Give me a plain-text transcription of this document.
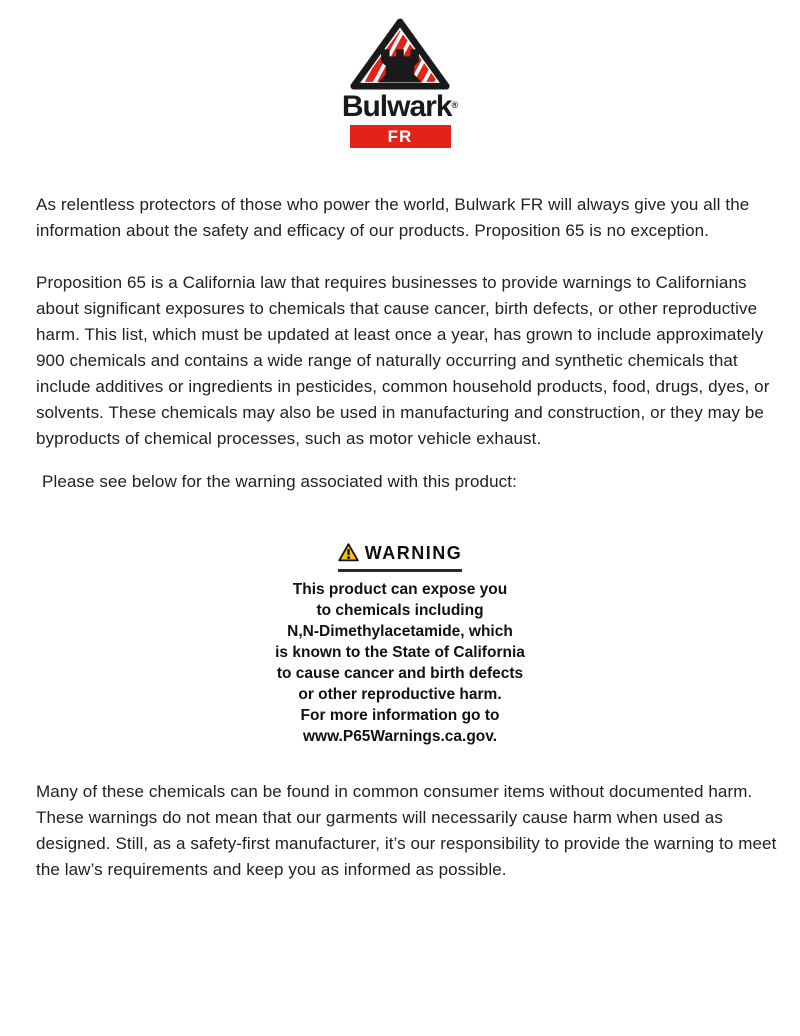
Bulwark®
FR

As relentless protectors of those who power the world, Bulwark FR will always give you all the information about the safety and efficacy of our products. Proposition 65 is no exception.

Proposition 65 is a California law that requires businesses to provide warnings to Californians about significant exposures to chemicals that cause cancer, birth defects, or other reproductive harm. This list, which must be updated at least once a year, has grown to include approximately 900 chemicals and contains a wide range of naturally occurring and synthetic chemicals that include additives or ingredients in pesticides, common household products, food, drugs, dyes, or solvents. These chemicals may also be used in manufacturing and construction, or they may be byproducts of chemical processes, such as motor vehicle exhaust.

Please see below for the warning associated with this product:

WARNING
This product can expose you
to chemicals including
N,N-Dimethylacetamide, which
is known to the State of California
to cause cancer and birth defects
or other reproductive harm.
For more information go to
www.P65Warnings.ca.gov.

Many of these chemicals can be found in common consumer items without documented harm. These warnings do not mean that our garments will necessarily cause harm when used as designed. Still, as a safety-first manufacturer, it’s our responsibility to provide the warning to meet the law’s requirements and keep you as informed as possible.
